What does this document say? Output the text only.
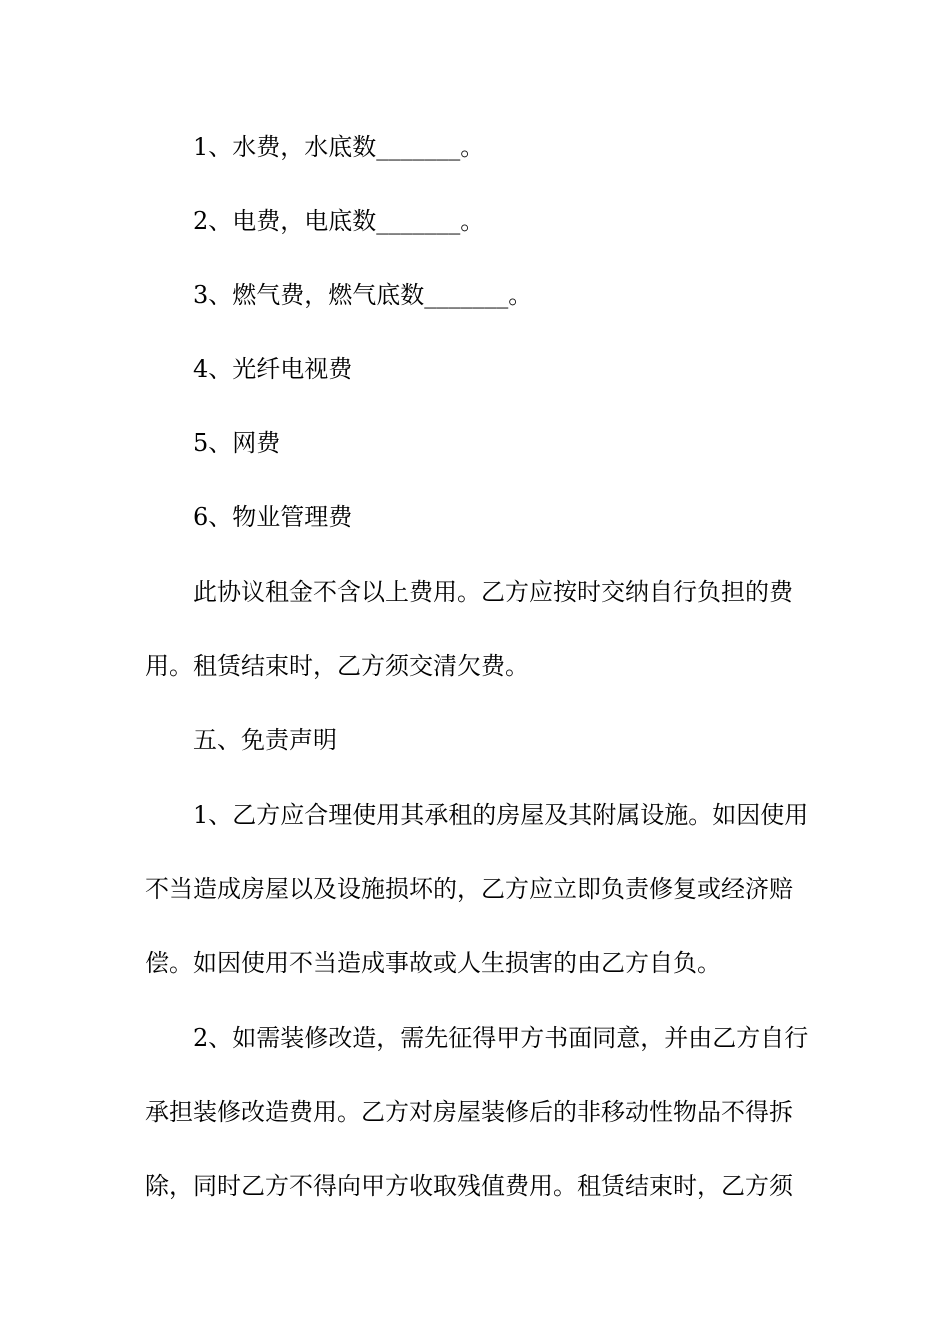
1、水费，水底数_______。

2、电费，电底数_______。

3、燃气费，燃气底数_______。

4、光纤电视费

5、网费

6、物业管理费

此协议租金不含以上费用。乙方应按时交纳自行负担的费用。租赁结束时，乙方须交清欠费。

五、免责声明

1、乙方应合理使用其承租的房屋及其附属设施。如因使用不当造成房屋以及设施损坏的，乙方应立即负责修复或经济赔偿。如因使用不当造成事故或人生损害的由乙方自负。

2、如需装修改造，需先征得甲方书面同意，并由乙方自行承担装修改造费用。乙方对房屋装修后的非移动性物品不得拆除，同时乙方不得向甲方收取残值费用。租赁结束时，乙方须
